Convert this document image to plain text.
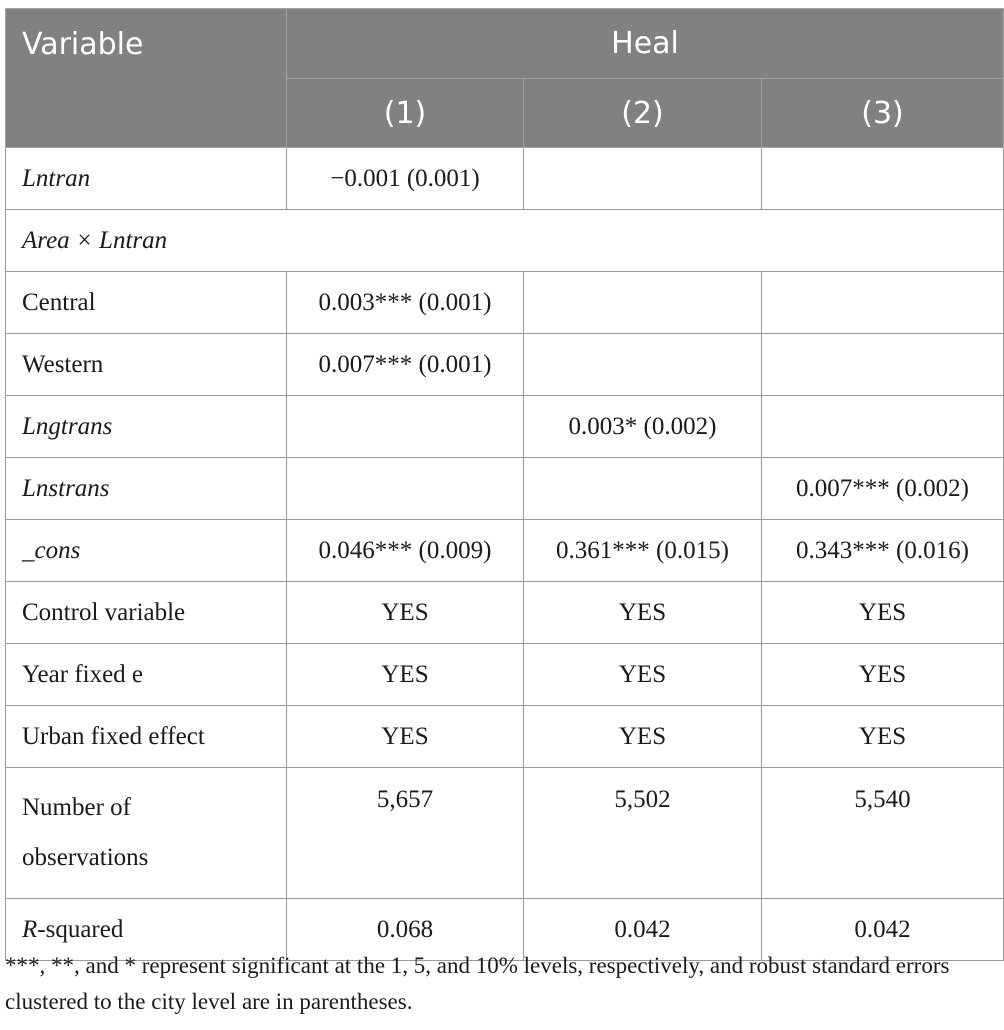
Variable	Heal		
	(1)	(2)	(3)
Lntran	−0.001 (0.001)		
Area × Lntran			
Central	0.003*** (0.001)		
Western	0.007*** (0.001)		
Lngtrans		0.003* (0.002)	
Lnstrans			0.007*** (0.002)
_cons	0.046*** (0.009)	0.361*** (0.015)	0.343*** (0.016)
Control variable	YES	YES	YES
Year fixed e	YES	YES	YES
Urban fixed effect	YES	YES	YES
Number of
observations	5,657	5,502	5,540
R-squared	0.068	0.042	0.042
***, **, and * represent significant at the 1, 5, and 10% levels, respectively, and robust standard errors clustered to the city level are in parentheses.
